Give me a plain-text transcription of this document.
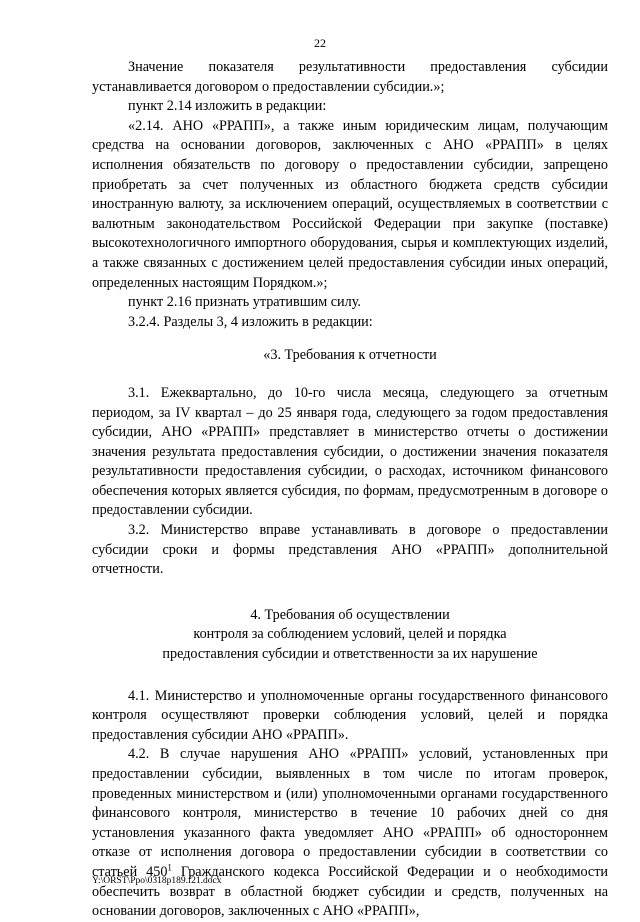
22

Значение показателя результативности предоставления субсидии устанавливается договором о предоставлении субсидии.»;

пункт 2.14 изложить в редакции:

«2.14. АНО «РРАПП», а также иным юридическим лицам, получающим средства на основании договоров, заключенных с АНО «РРАПП» в целях исполнения обязательств по договору о предоставлении субсидии, запрещено приобретать за счет полученных из областного бюджета средств субсидии иностранную валюту, за исключением операций, осуществляемых в соответствии с валютным законодательством Российской Федерации при закупке (поставке) высокотехнологичного импортного оборудования, сырья и комплектующих изделий, а также связанных с достижением целей предоставления субсидии иных операций, определенных настоящим Порядком.»;

пункт 2.16 признать утратившим силу.

3.2.4. Разделы 3, 4 изложить в редакции:

«3. Требования к отчетности

3.1. Ежеквартально, до 10-го числа месяца, следующего за отчетным периодом, за IV квартал – до 25 января года, следующего за годом предоставления субсидии, АНО «РРАПП» представляет в министерство отчеты о достижении значения результата предоставления субсидии, о достижении значения показателя результативности предоставления субсидии, о расходах, источником финансового обеспечения которых является субсидия, по формам, предусмотренным в договоре о предоставлении субсидии.

3.2. Министерство вправе устанавливать в договоре о предоставлении субсидии сроки и формы представления АНО «РРАПП» дополнительной отчетности.

4. Требования об осуществлении
контроля за соблюдением условий, целей и порядка
предоставления субсидии и ответственности за их нарушение

4.1. Министерство и уполномоченные органы государственного финансового контроля осуществляют проверки соблюдения условий, целей и порядка предоставления субсидии АНО «РРАПП».

4.2. В случае нарушения АНО «РРАПП» условий, установленных при предоставлении субсидии, выявленных в том числе по итогам проверок, проведенных министерством и (или) уполномоченными органами государственного финансового контроля, министерство в течение 10 рабочих дней со дня установления указанного факта уведомляет АНО «РРАПП» об одностороннем отказе от исполнения договора о предоставлении субсидии в соответствии со статьей $450^1$ Гражданского кодекса Российской Федерации и о необходимости обеспечить возврат в областной бюджет субсидии и средств, полученных на основании договоров, заключенных с АНО «РРАПП»,

Y:\ORST\Ppo\0318p189.f21.docx
